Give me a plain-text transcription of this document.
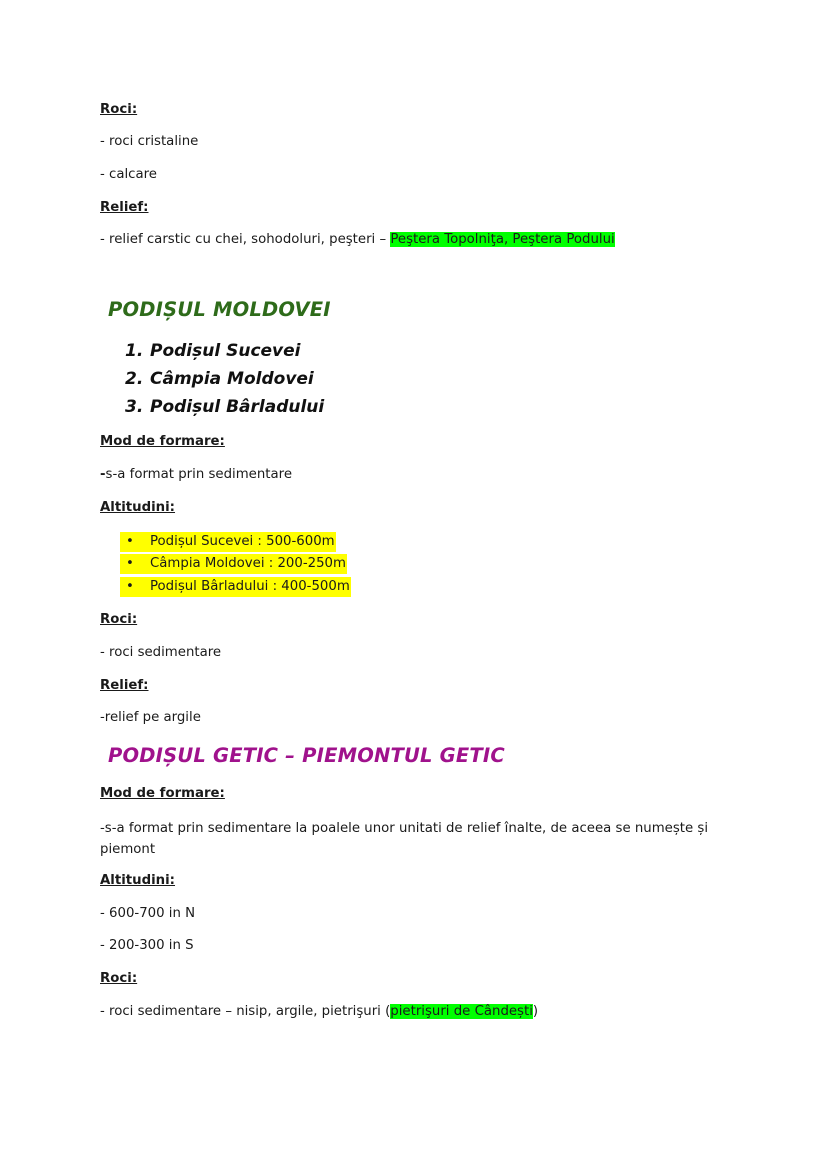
Roci:
- roci cristaline
- calcare
Relief:
- relief carstic cu chei, sohodoluri, peşteri – Peştera Topolniţa, Peştera Podului
PODIȘUL MOLDOVEI
1. Podișul Sucevei
2. Câmpia Moldovei
3. Podișul Bârladului
Mod de formare:
-s-a format prin sedimentare
Altitudini:
• Podișul Sucevei : 500-600m
• Câmpia Moldovei : 200-250m
• Podișul Bârladului : 400-500m
Roci:
- roci sedimentare
Relief:
-relief pe argile
PODIȘUL GETIC – PIEMONTUL GETIC
Mod de formare:
-s-a format prin sedimentare la poalele unor unitati de relief înalte, de aceea se numește și piemont
Altitudini:
- 600-700 in N
- 200-300 in S
Roci:
- roci sedimentare – nisip, argile, pietrişuri (pietrişuri de Cândești)
